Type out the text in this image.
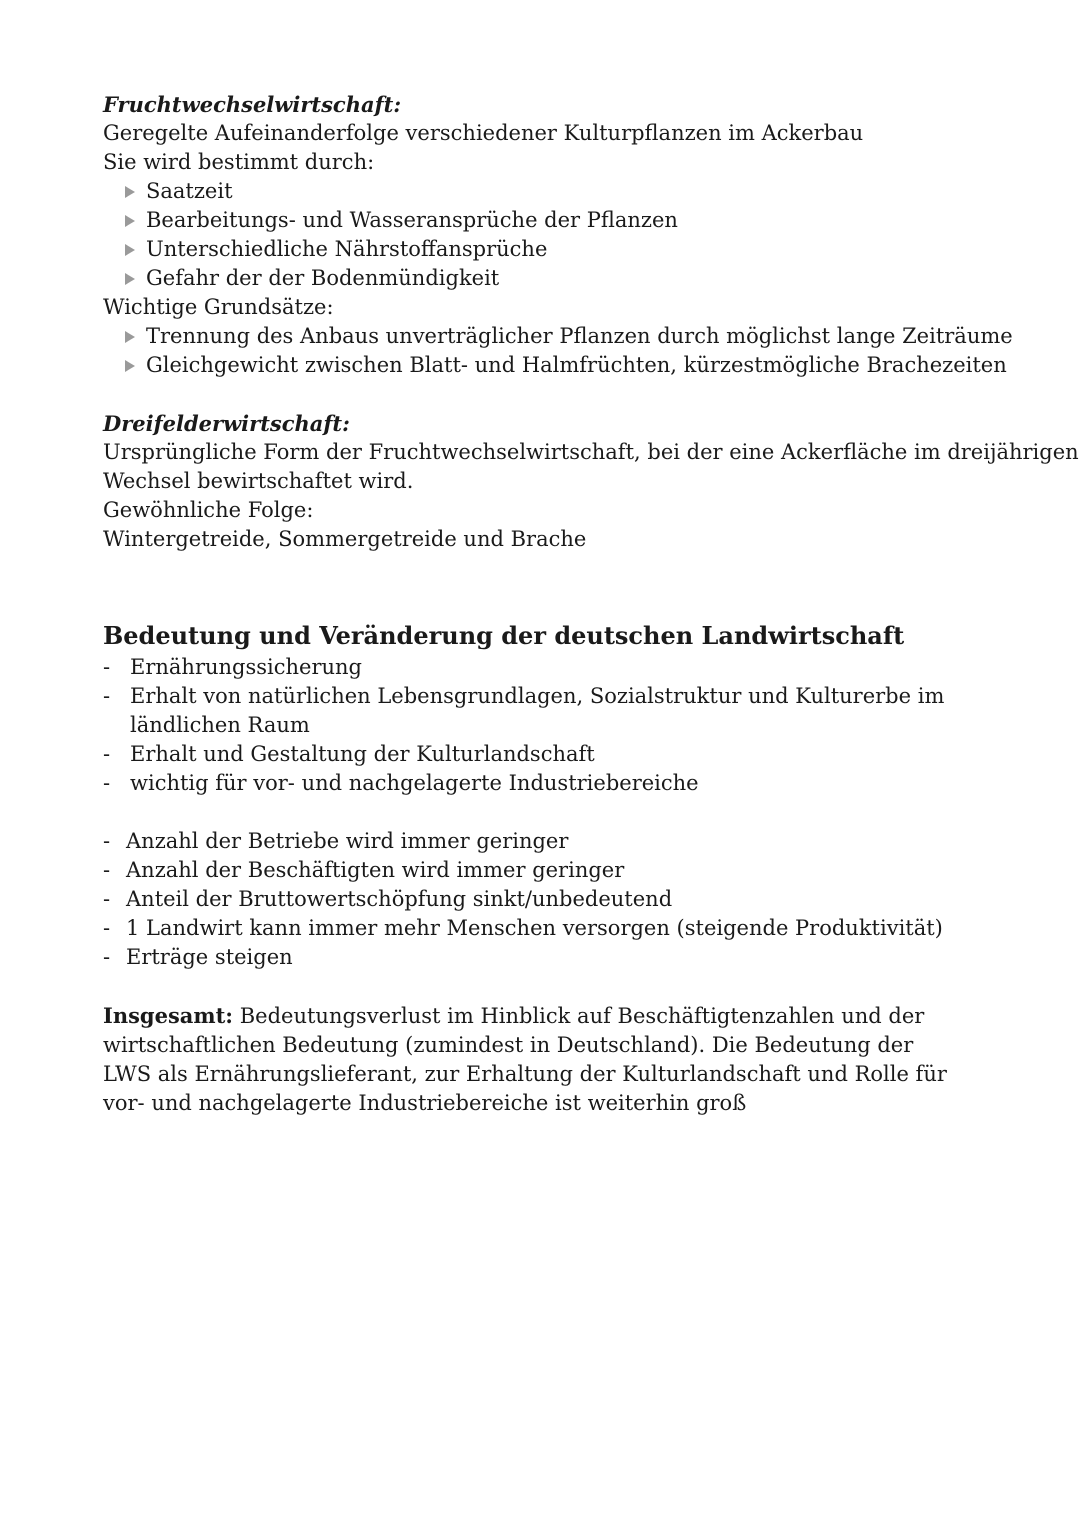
Fruchtwechselwirtschaft:

Geregelte Aufeinanderfolge verschiedener Kulturpflanzen im Ackerbau

Sie wird bestimmt durch:

Saatzeit
Bearbeitungs- und Wasseransprüche der Pflanzen
Unterschiedliche Nährstoffansprüche
Gefahr der der Bodenmündigkeit

Wichtige Grundsätze:

Trennung des Anbaus unverträglicher Pflanzen durch möglichst lange Zeiträume
Gleichgewicht zwischen Blatt- und Halmfrüchten, kürzestmögliche Brachezeiten

Dreifelderwirtschaft:

Ursprüngliche Form der Fruchtwechselwirtschaft, bei der eine Ackerfläche im dreijährigen

Wechsel bewirtschaftet wird.

Gewöhnliche Folge:

Wintergetreide, Sommergetreide und Brache

Bedeutung und Veränderung der deutschen Landwirtschaft
- Ernährungssicherung
- Erhalt von natürlichen Lebensgrundlagen, Sozialstruktur und Kulturerbe im ländlichen Raum
- Erhalt und Gestaltung der Kulturlandschaft
- wichtig für vor- und nachgelagerte Industriebereiche
- Anzahl der Betriebe wird immer geringer
- Anzahl der Beschäftigten wird immer geringer
- Anteil der Bruttowertschöpfung sinkt/unbedeutend
- 1 Landwirt kann immer mehr Menschen versorgen (steigende Produktivität)
- Erträge steigen

Insgesamt: Bedeutungsverlust im Hinblick auf Beschäftigtenzahlen und der wirtschaftlichen Bedeutung (zumindest in Deutschland). Die Bedeutung der LWS als Ernährungslieferant, zur Erhaltung der Kulturlandschaft und Rolle für vor- und nachgelagerte Industriebereiche ist weiterhin groß
